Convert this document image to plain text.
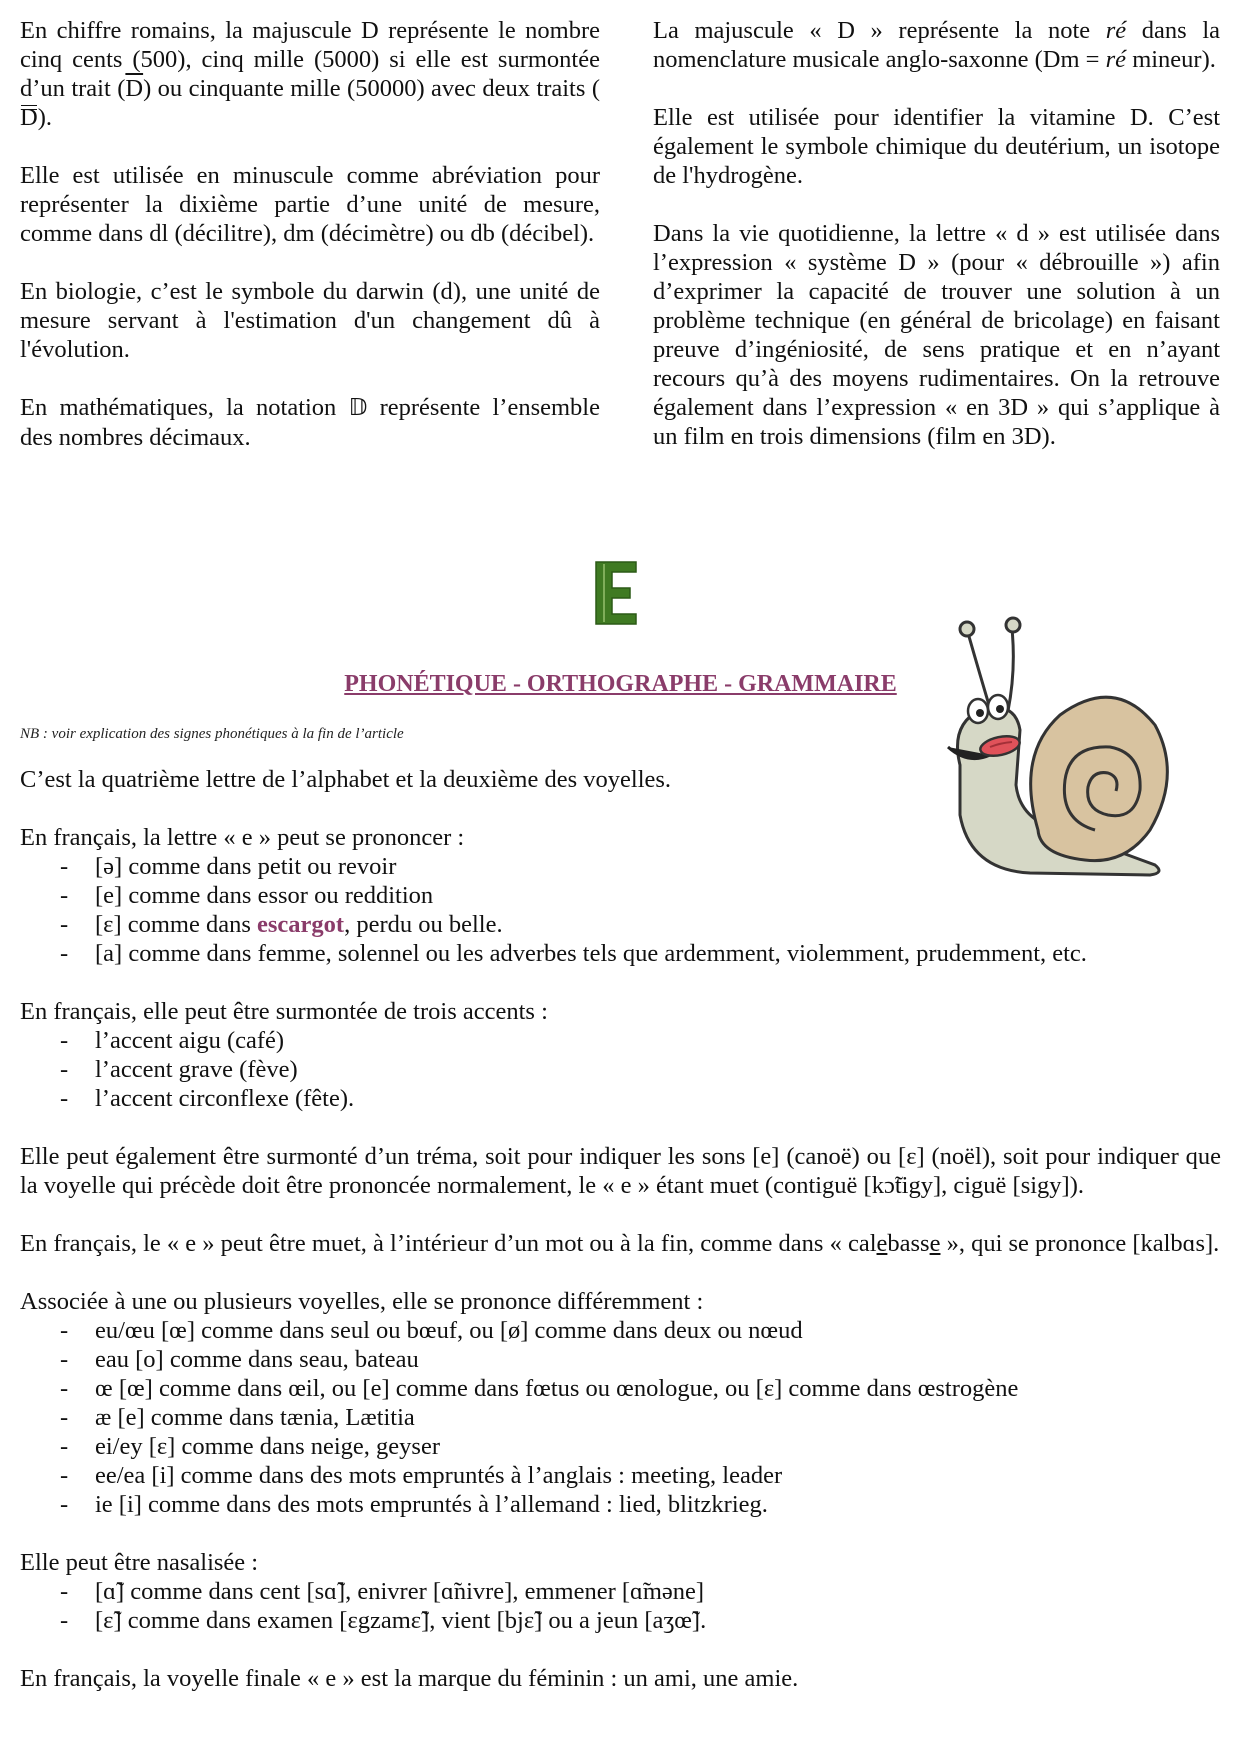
En chiffre romains, la majuscule D représente le nombre cinq cents (500), cinq mille (5000) si elle est surmontée d’un trait $(\overline{D})$ ou cinquante mille (50000) avec deux traits (D).

Elle est utilisée en minuscule comme abréviation pour représenter la dixième partie d’une unité de mesure, comme dans dl (décilitre), dm (décimètre) ou db (décibel).

En biologie, c’est le symbole du darwin (d), une unité de mesure servant à l'estimation d'un changement dû à l'évolution.

En mathématiques, la notation 𝔻 représente l’ensemble des nombres décimaux.

La majuscule « D » représente la note ré dans la nomenclature musicale anglo-saxonne (Dm = ré mineur).

Elle est utilisée pour identifier la vitamine D. C’est également le symbole chimique du deutérium, un isotope de l'hydrogène.

Dans la vie quotidienne, la lettre « d » est utilisée dans l’expression « système D » (pour « débrouille ») afin d’exprimer la capacité de trouver une solution à un problème technique (en général de bricolage) en faisant preuve d’ingéniosité, de sens pratique et en n’ayant recours qu’à des moyens rudimentaires. On la retrouve également dans l’expression « en 3D » qui s’applique à un film en trois dimensions (film en 3D).

PHONÉTIQUE - ORTHOGRAPHE - GRAMMAIRE
NB : voir explication des signes phonétiques à la fin de l’article

C’est la quatrième lettre de l’alphabet et la deuxième des voyelles.

En français, la lettre « e » peut se prononcer :

- [ə] comme dans petit ou revoir
- [e] comme dans essor ou reddition
- [ɛ] comme dans escargot, perdu ou belle.
- [a] comme dans femme, solennel ou les adverbes tels que ardemment, violemment, prudemment, etc.

En français, elle peut être surmontée de trois accents :

- l’accent aigu (café)
- l’accent grave (fève)
- l’accent circonflexe (fête).

Elle peut également être surmonté d’un tréma, soit pour indiquer les sons [e] (canoë) ou [ɛ] (noël), soit pour indiquer que la voyelle qui précède doit être prononcée normalement, le « e » étant muet (contiguë [kɔ̃tigy], ciguë [sigy]).

En français, le « e » peut être muet, à l’intérieur d’un mot ou à la fin, comme dans « calebasse », qui se prononce [kalbɑs].

Associée à une ou plusieurs voyelles, elle se prononce différemment :

- eu/œu [œ] comme dans seul ou bœuf, ou [ø] comme dans deux ou nœud
- eau [o] comme dans seau, bateau
- œ [œ] comme dans œil, ou [e] comme dans fœtus ou œnologue, ou [ɛ] comme dans œstrogène
- æ [e] comme dans tænia, Lætitia
- ei/ey [ɛ] comme dans neige, geyser
- ee/ea [i] comme dans des mots empruntés à l’anglais : meeting, leader
- ie [i] comme dans des mots empruntés à l’allemand : lied, blitzkrieg.

Elle peut être nasalisée :

- [ɑ̃] comme dans cent [sɑ̃], enivrer [ɑ̃nivre], emmener [ɑ̃məne]
- [ɛ̃] comme dans examen [ɛgzamɛ̃], vient [bjɛ̃] ou a jeun [aʒœ̃].

En français, la voyelle finale « e » est la marque du féminin : un ami, une amie.
